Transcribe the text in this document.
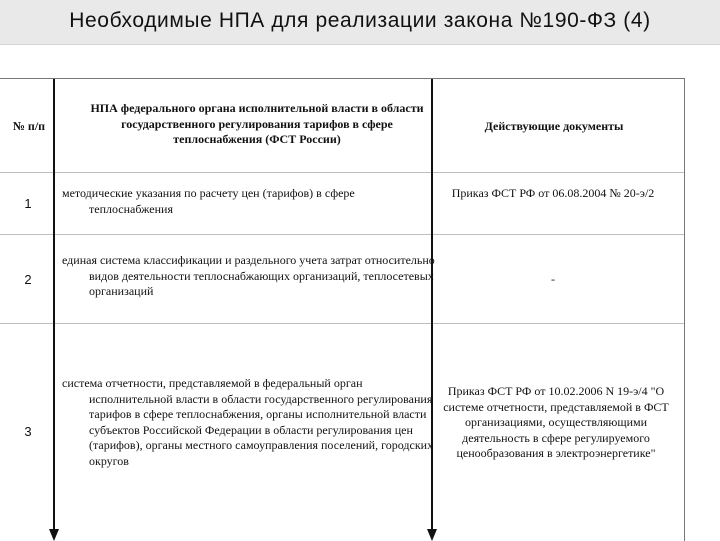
Необходимые НПА для реализации закона №190-ФЗ (4)
№ п/п
НПА федерального органа исполнительной власти в области государственного регулирования тарифов в сфере теплоснабжения (ФСТ России)
Действующие документы
1
методические указания по расчету цен (тарифов) в сфере теплоснабжения
Приказ ФСТ РФ от 06.08.2004 № 20-э/2
2
единая система классификации и раздельного учета затрат относительно видов деятельности теплоснабжающих организаций, теплосетевых организаций
-
3
система отчетности, представляемой в федеральный орган исполнительной власти в области государственного регулирования тарифов в сфере теплоснабжения, органы исполнительной власти субъектов Российской Федерации в области регулирования цен (тарифов), органы местного самоуправления поселений, городских округов
Приказ ФСТ РФ от 10.02.2006 N 19-э/4 "О системе отчетности, представляемой в ФСТ организациями, осуществляющими деятельность в сфере регулируемого ценообразования в электроэнергетике"
